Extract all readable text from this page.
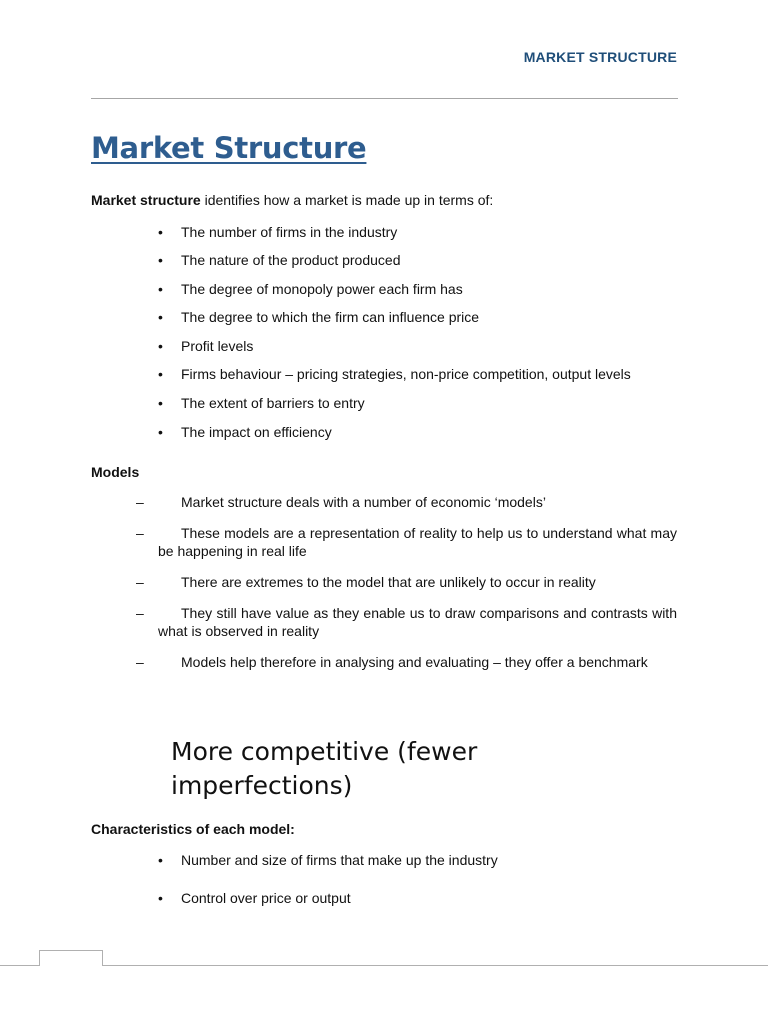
MARKET STRUCTURE
Market Structure
Market structure identifies how a market is made up in terms of:
• The number of firms in the industry
• The nature of the product produced
• The degree of monopoly power each firm has
• The degree to which the firm can influence price
• Profit levels
• Firms behaviour – pricing strategies, non-price competition, output levels
• The extent of barriers to entry
• The impact on efficiency
Models
–	Market structure deals with a number of economic ‘models’
–	These models are a representation of reality to help us to understand what may be happening in real life
–	There are extremes to the model that are unlikely to occur in reality
–	They still have value as they enable us to draw comparisons and contrasts with what is observed in reality
–	Models help therefore in analysing and evaluating – they offer a benchmark
More competitive (fewer imperfections)
Characteristics of each model:
• Number and size of firms that make up the industry
• Control over price or output
